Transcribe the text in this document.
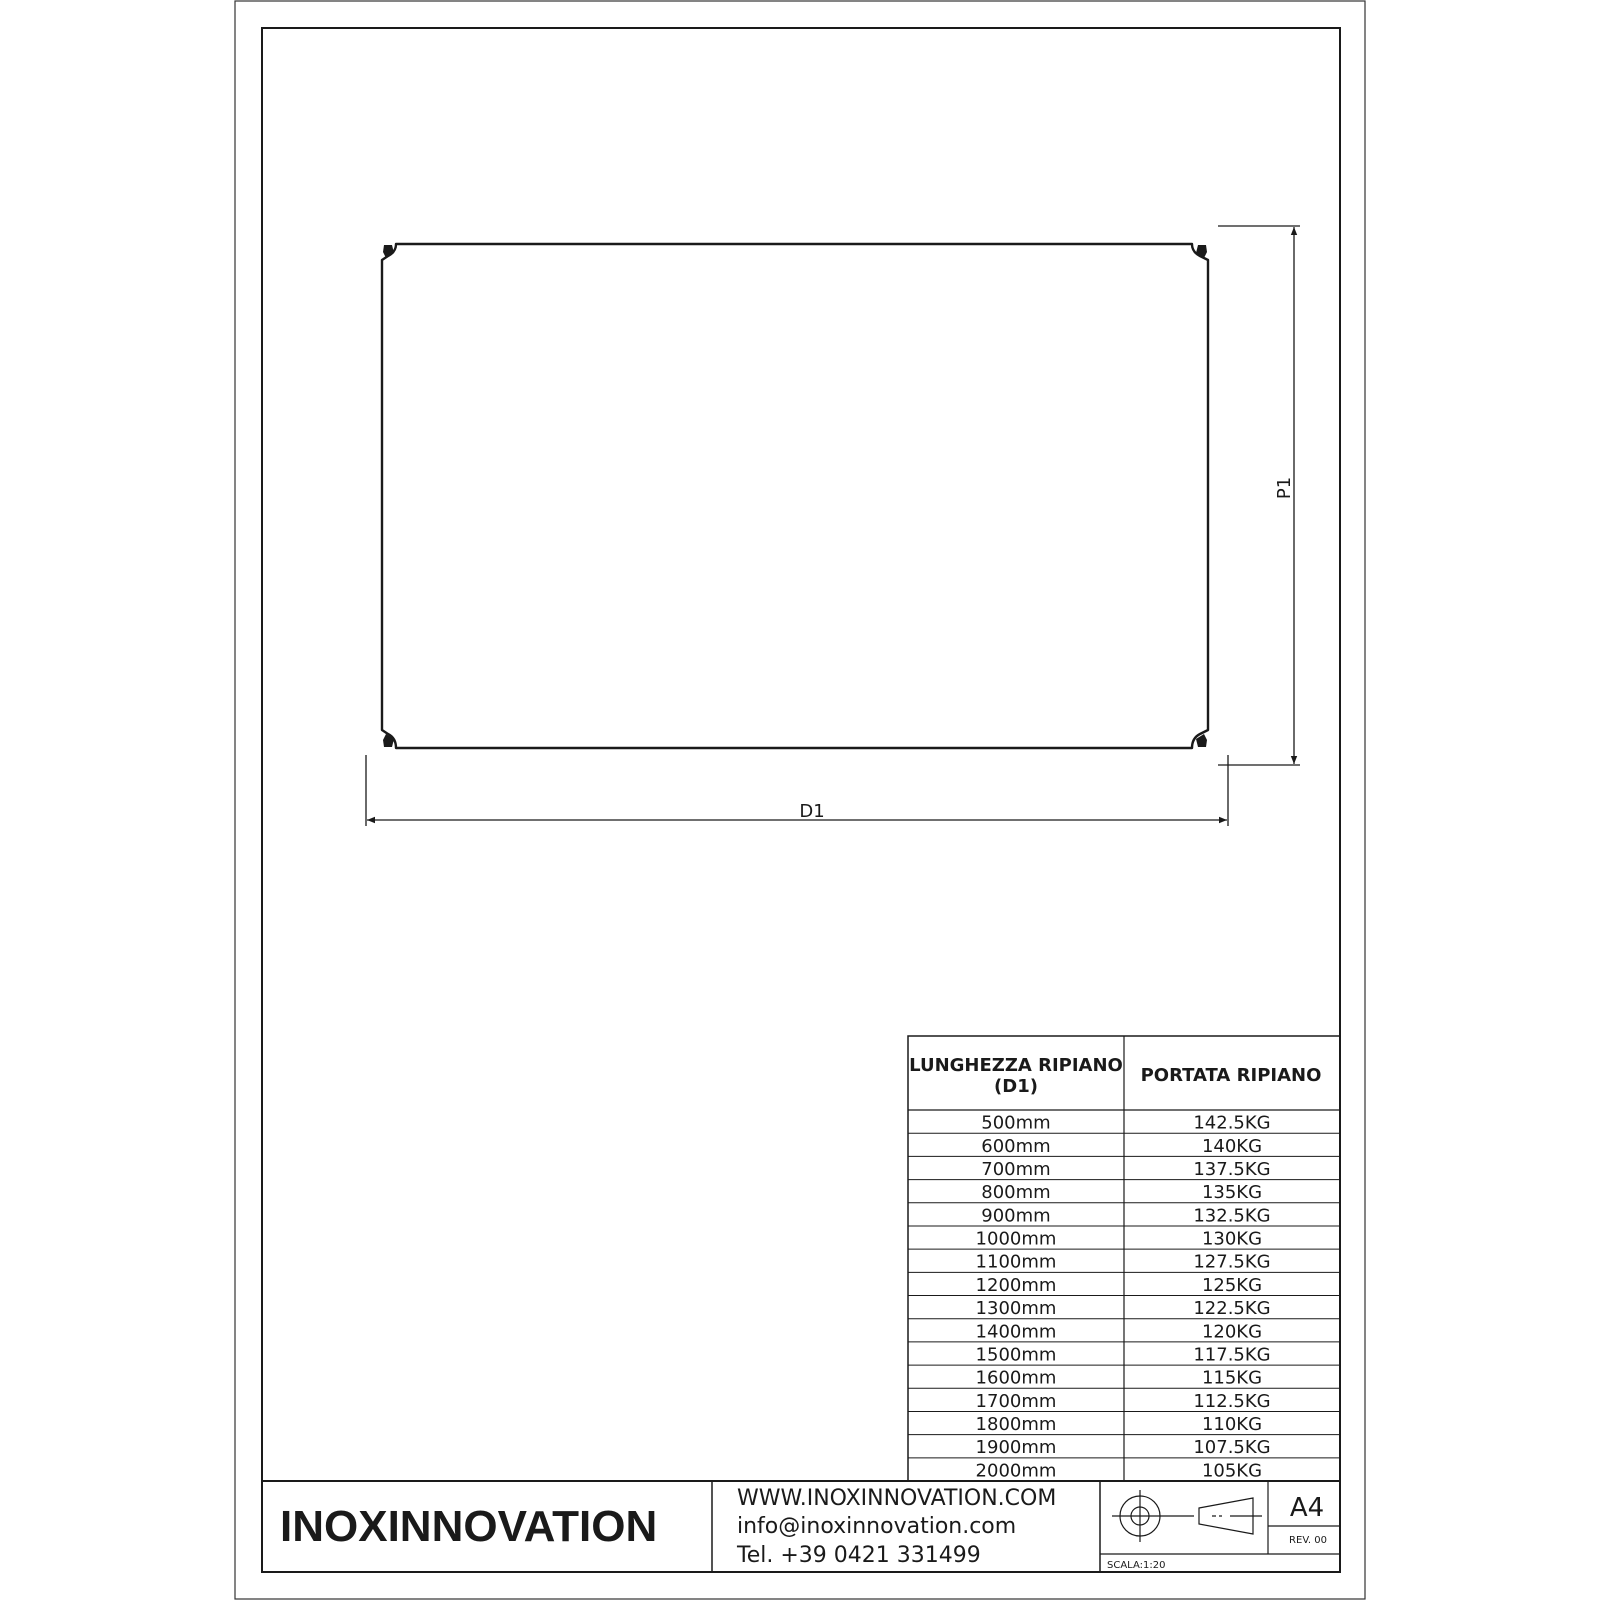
D1
P1
LUNGHEZZA RIPIANO
(D1)
PORTATA RIPIANO
500mm	142.5KG
600mm	140KG
700mm	137.5KG
800mm	135KG
900mm	132.5KG
1000mm	130KG
1100mm	127.5KG
1200mm	125KG
1300mm	122.5KG
1400mm	120KG
1500mm	117.5KG
1600mm	115KG
1700mm	112.5KG
1800mm	110KG
1900mm	107.5KG
2000mm	105KG
INOXINNOVATION
WWW.INOXINNOVATION.COM
info@inoxinnovation.com
Tel. +39 0421 331499	SCALA:1:20
A4
REV. 00
